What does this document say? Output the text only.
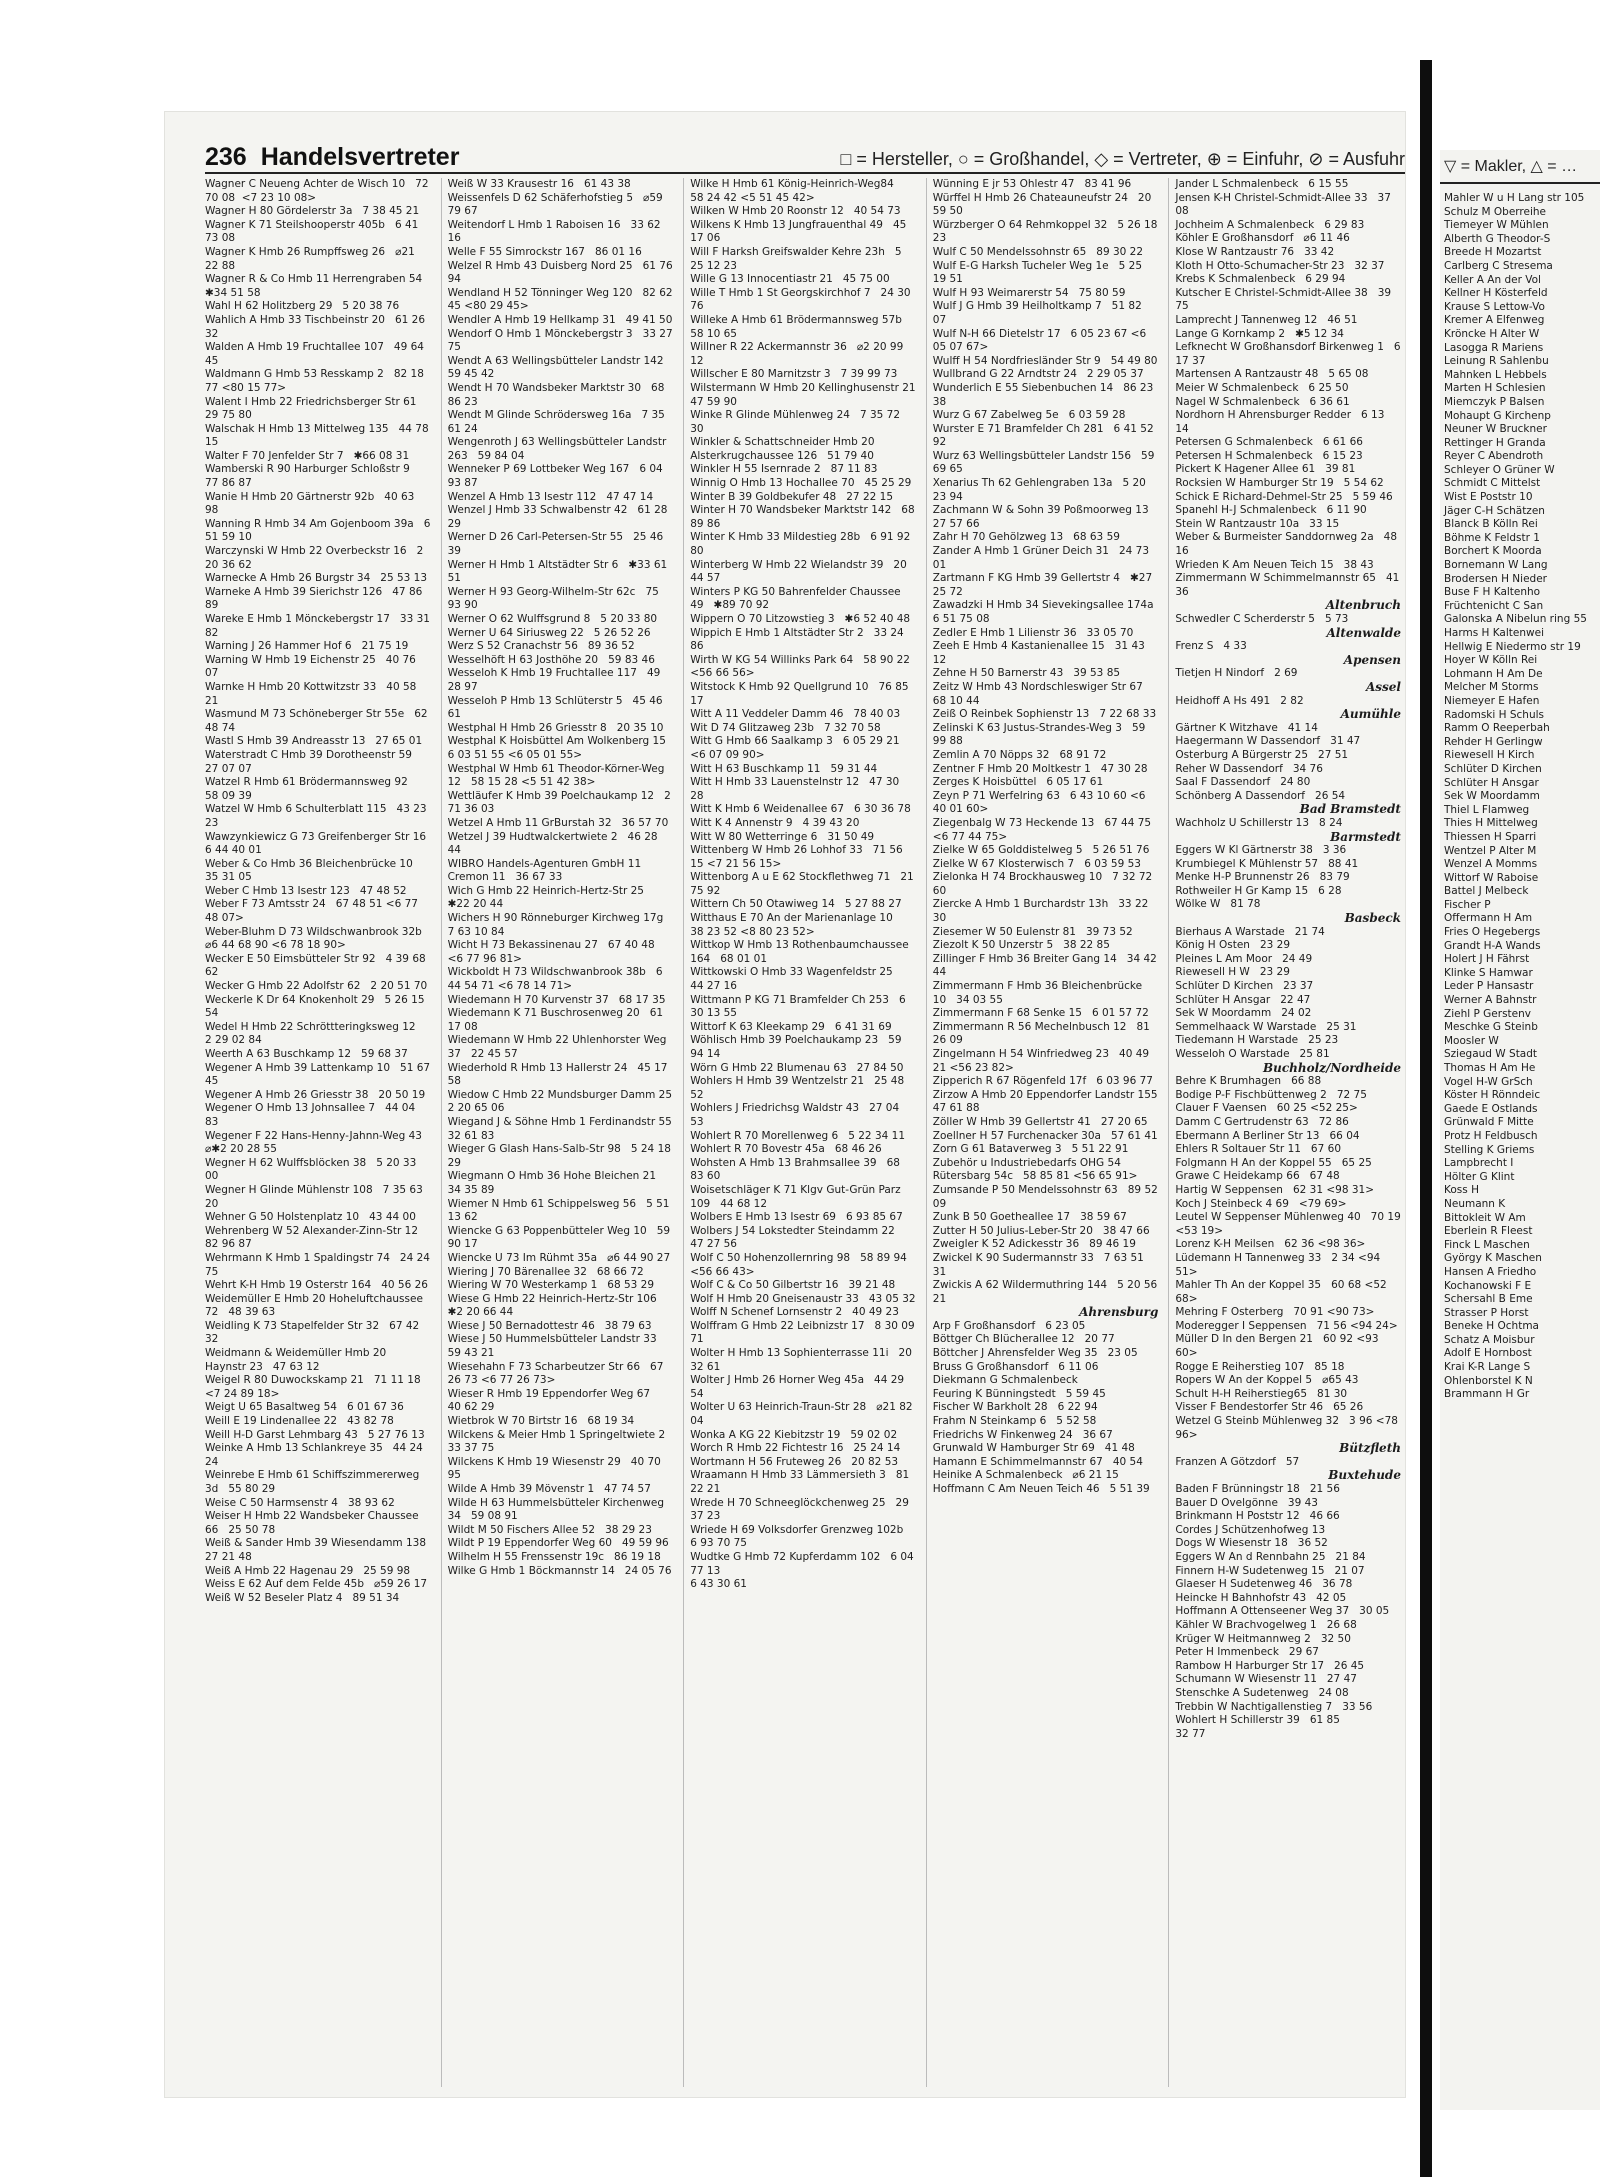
236 Handelsvertreter	□ = Hersteller, ○ = Großhandel, ◇ = Vertreter, ⊕ = Einfuhr, ⊘ = Ausfuhr
Wagner C Neueng Achter de Wisch 10   72 70 08  <7 23 10 08>
Wagner H 80 Gördelerstr 3a   7 38 45 21
Wagner K 71 Steilshooperstr 405b   6 41 73 08
Wagner K Hmb 26 Rumpffsweg 26   ⌀21 22 88
Wagner R & Co Hmb 11 Herrengraben 54   ✱34 51 58
Wahl H 62 Holitzberg 29   5 20 38 76
Wahlich A Hmb 33 Tischbeinstr 20   61 26 32
Walden A Hmb 19 Fruchtallee 107   49 64 45
Waldmann G Hmb 53 Resskamp 2   82 18 77 <80 15 77>
Walent I Hmb 22 Friedrichsberger Str 61   29 75 80
Walschak H Hmb 13 Mittelweg 135   44 78 15
Walter F 70 Jenfelder Str 7   ✱66 08 31
Wamberski R 90 Harburger Schloßstr 9   77 86 87
Wanie H Hmb 20 Gärtnerstr 92b   40 63 98
Wanning R Hmb 34 Am Gojenboom 39a   6 51 59 10
Warczynski W Hmb 22 Overbeckstr 16   2 20 36 62
Warnecke A Hmb 26 Burgstr 34   25 53 13
Warneke A Hmb 39 Sierichstr 126   47 86 89
Wareke E Hmb 1 Mönckebergstr 17   33 31 82
Warning J 26 Hammer Hof 6   21 75 19
Warning W Hmb 19 Eichenstr 25   40 76 07
Warnke H Hmb 20 Kottwitzstr 33   40 58 21
Wasmund M 73 Schöneberger Str 55e   62 48 74
Wastl S Hmb 39 Andreasstr 13   27 65 01
Waterstradt C Hmb 39 Dorotheenstr 59   27 07 07
Watzel R Hmb 61 Brödermannsweg 92   58 09 39
Watzel W Hmb 6 Schulterblatt 115   43 23 23
Wawzynkiewicz G 73 Greifenberger Str 16   6 44 40 01
Weber & Co Hmb 36 Bleichenbrücke 10   35 31 05
Weber C Hmb 13 Isestr 123   47 48 52
Weber F 73 Amtsstr 24   67 48 51 <6 77 48 07>
Weber-Bluhm D 73 Wildschwanbrook 32b   ⌀6 44 68 90 <6 78 18 90>
Wecker E 50 Eimsbütteler Str 92   4 39 68 62
Wecker G Hmb 22 Adolfstr 62   2 20 51 70
Weckerle K Dr 64 Knokenholt 29   5 26 15 54
Wedel H Hmb 22 Schröttteringksweg 12   2 29 02 84
Weerth A 63 Buschkamp 12   59 68 37
Wegener A Hmb 39 Lattenkamp 10   51 67 45
Wegener A Hmb 26 Griesstr 38   20 50 19
Wegener O Hmb 13 Johnsallee 7   44 04 83
Wegener F 22 Hans-Henny-Jahnn-Weg 43   ⌀✱2 20 28 55
Wegner H 62 Wulffsblöcken 38   5 20 33 00
Wegner H Glinde Mühlenstr 108   7 35 63 20
Wehner G 50 Holstenplatz 10   43 44 00
Wehrenberg W 52 Alexander-Zinn-Str 12   82 96 87
Wehrmann K Hmb 1 Spaldingstr 74   24 24 75
Wehrt K-H Hmb 19 Osterstr 164   40 56 26
Weidemüller E Hmb 20 Hoheluftchaussee 72   48 39 63
Weidling K 73 Stapelfelder Str 32   67 42 32
Weidmann & Weidemüller Hmb 20 Haynstr 23   47 63 12
Weigel R 80 Duwockskamp 21   71 11 18 <7 24 89 18>
Weigt U 65 Basaltweg 54   6 01 67 36
Weill E 19 Lindenallee 22   43 82 78
Weill H-D Garst Lehmbarg 43   5 27 76 13
Weinke A Hmb 13 Schlankreye 35   44 24 24
Weinrebe E Hmb 61 Schiffszimmererweg 3d   55 80 29
Weise C 50 Harmsenstr 4   38 93 62
Weiser H Hmb 22 Wandsbeker Chaussee 66   25 50 78
Weiß & Sander Hmb 39 Wiesendamm 138   27 21 48
Weiß A Hmb 22 Hagenau 29   25 59 98
Weiss E 62 Auf dem Felde 45b   ⌀59 26 17
Weiß W 52 Beseler Platz 4   89 51 34
Weiß W 33 Krausestr 16   61 43 38
Weissenfels D 62 Schäferhofstieg 5   ⌀59 79 67
Weitendorf L Hmb 1 Raboisen 16   33 62 16
Welle F 55 Simrockstr 167   86 01 16
Welzel R Hmb 43 Duisberg Nord 25   61 76 94
Wendland H 52 Tönninger Weg 120   82 62 45 <80 29 45>
Wendler A Hmb 19 Hellkamp 31   49 41 50
Wendorf O Hmb 1 Mönckebergstr 3   33 27 75
Wendt A 63 Wellingsbütteler Landstr 142   59 45 42
Wendt H 70 Wandsbeker Marktstr 30   68 86 23
Wendt M Glinde Schrödersweg 16a   7 35 61 24
Wengenroth J 63 Wellingsbütteler Landstr 263   59 84 04
Wenneker P 69 Lottbeker Weg 167   6 04 93 87
Wenzel A Hmb 13 Isestr 112   47 47 14
Wenzel J Hmb 33 Schwalbenstr 42   61 28 29
Werner D 26 Carl-Petersen-Str 55   25 46 39
Werner H Hmb 1 Altstädter Str 6   ✱33 61 51
Werner H 93 Georg-Wilhelm-Str 62c   75 93 90
Werner O 62 Wulffsgrund 8   5 20 33 80
Werner U 64 Siriusweg 22   5 26 52 26
Werz S 52 Cranachstr 56   89 36 52
Wesselhöft H 63 Josthöhe 20   59 83 46
Wesseloh K Hmb 19 Fruchtallee 117   49 28 97
Wesseloh P Hmb 13 Schlüterstr 5   45 46 61
Westphal H Hmb 26 Griesstr 8   20 35 10
Westphal K Hoisbüttel Am Wolkenberg 15   6 03 51 55 <6 05 01 55>
Westphal W Hmb 61 Theodor-Körner-Weg 12   58 15 28 <5 51 42 38>
Wettläufer K Hmb 39 Poelchaukamp 12   2 71 36 03
Wetzel A Hmb 11 GrBurstah 32   36 57 70
Wetzel J 39 Hudtwalckertwiete 2   46 28 44
WIBRO Handels-Agenturen GmbH 11 Cremon 11   36 67 33
Wich G Hmb 22 Heinrich-Hertz-Str 25   ✱22 20 44
Wichers H 90 Rönneburger Kirchweg 17g   7 63 10 84
Wicht H 73 Bekassinenau 27   67 40 48 <6 77 96 81>
Wickboldt H 73 Wildschwanbrook 38b   6 44 54 71 <6 78 14 71>
Wiedemann H 70 Kurvenstr 37   68 17 35
Wiedemann K 71 Buschrosenweg 20   61 17 08
Wiedemann W Hmb 22 Uhlenhorster Weg 37   22 45 57
Wiederhold R Hmb 13 Hallerstr 24   45 17 58
Wiedow C Hmb 22 Mundsburger Damm 25   2 20 65 06
Wiegand J & Söhne Hmb 1 Ferdinandstr 55   32 61 83
Wieger G Glash Hans-Salb-Str 98   5 24 18 29
Wiegmann O Hmb 36 Hohe Bleichen 21   34 35 89
Wiemer N Hmb 61 Schippelsweg 56   5 51 13 62
Wiencke G 63 Poppenbütteler Weg 10   59 90 17
Wiencke U 73 Im Rühmt 35a   ⌀6 44 90 27
Wiering J 70 Bärenallee 32   68 66 72
Wiering W 70 Westerkamp 1   68 53 29
Wiese G Hmb 22 Heinrich-Hertz-Str 106   ✱2 20 66 44
Wiese J 50 Bernadottestr 46   38 79 63
Wiese J 50 Hummelsbütteler Landstr 33   59 43 21
Wiesehahn F 73 Scharbeutzer Str 66   67 26 73 <6 77 26 73>
Wieser R Hmb 19 Eppendorfer Weg 67   40 62 29
Wietbrok W 70 Birtstr 16   68 19 34
Wilckens & Meier Hmb 1 Springeltwiete 2   33 37 75
Wilckens K Hmb 19 Wiesenstr 29   40 70 95
Wilde A Hmb 39 Mövenstr 1   47 74 57
Wilde H 63 Hummelsbütteler Kirchenweg 34   59 08 91
Wildt M 50 Fischers Allee 52   38 29 23
Wildt P 19 Eppendorfer Weg 60   49 59 96
Wilhelm H 55 Frenssenstr 19c   86 19 18
Wilke G Hmb 1 Böckmannstr 14   24 05 76
Wilke H Hmb 61 König-Heinrich-Weg84   58 24 42 <5 51 45 42>
Wilken W Hmb 20 Roonstr 12   40 54 73
Wilkens K Hmb 13 Jungfrauenthal 49   45 17 06
Will F Harksh Greifswalder Kehre 23h   5 25 12 23
Wille G 13 Innocentiastr 21   45 75 00
Wille T Hmb 1 St Georgskirchhof 7   24 30 76
Willeke A Hmb 61 Brödermannsweg 57b   58 10 65
Willner R 22 Ackermannstr 36   ⌀2 20 99 12
Willscher E 80 Marnitzstr 3   7 39 99 73
Wilstermann W Hmb 20 Kellinghusenstr 21   47 59 90
Winke R Glinde Mühlenweg 24   7 35 72 30
Winkler & Schattschneider Hmb 20 Alsterkrugchaussee 126   51 79 40
Winkler H 55 Isernrade 2   87 11 83
Winnig O Hmb 13 Hochallee 70   45 25 29
Winter B 39 Goldbekufer 48   27 22 15
Winter H 70 Wandsbeker Marktstr 142   68 89 86
Winter K Hmb 33 Mildestieg 28b   6 91 92 80
Winterberg W Hmb 22 Wielandstr 39   20 44 57
Winters P KG 50 Bahrenfelder Chaussee 49   ✱89 70 92
Wippern O 70 Litzowstieg 3   ✱6 52 40 48
Wippich E Hmb 1 Altstädter Str 2   33 24 86
Wirth W KG 54 Willinks Park 64   58 90 22 <56 66 56>
Witstock K Hmb 92 Quellgrund 10   76 85 17
Witt A 11 Veddeler Damm 46   78 40 03
Wit D 74 Glitzaweg 23b   7 32 70 58
Witt G Hmb 66 Saalkamp 3   6 05 29 21 <6 07 09 90>
Witt H 63 Buschkamp 11   59 31 44
Witt H Hmb 33 Lauenstelnstr 12   47 30 28
Witt K Hmb 6 Weidenallee 67   6 30 36 78
Witt K 4 Annenstr 9   4 39 43 20
Witt W 80 Wetterringe 6   31 50 49
Wittenberg W Hmb 26 Lohhof 33   71 56 15 <7 21 56 15>
Wittenborg A u E 62 Stockflethweg 71   21 75 92
Wittern Ch 50 Otawiweg 14   5 27 88 27
Witthaus E 70 An der Marienanlage 10   38 23 52 <8 80 23 52>
Wittkop W Hmb 13 Rothenbaumchaussee 164   68 01 01
Wittkowski O Hmb 33 Wagenfeldstr 25   44 27 16
Wittmann P KG 71 Bramfelder Ch 253   6 30 13 55
Wittorf K 63 Kleekamp 29   6 41 31 69
Wöhlisch Hmb 39 Poelchaukamp 23   59 94 14
Wörn G Hmb 22 Blumenau 63   27 84 50
Wohlers H Hmb 39 Wentzelstr 21   25 48 52
Wohlers J Friedrichsg Waldstr 43   27 04 53
Wohlert R 70 Morellenweg 6   5 22 34 11
Wohlert R 70 Bovestr 45a   68 46 26
Wohsten A Hmb 13 Brahmsallee 39   68 83 60
Woisetschläger K 71 Klgv Gut-Grün Parz 109   44 68 12
Wolbers E Hmb 13 Isestr 69   6 93 85 67
Wolbers J 54 Lokstedter Steindamm 22   47 27 56
Wolf C 50 Hohenzollernring 98   58 89 94 <56 66 43>
Wolf C & Co 50 Gilbertstr 16   39 21 48
Wolf H Hmb 20 Gneisenaustr 33   43 05 32
Wolff N Schenef Lornsenstr 2   40 49 23
Wolffram G Hmb 22 Leibnizstr 17   8 30 09 71
Wolter H Hmb 13 Sophienterrasse 11i   20 32 61
Wolter J Hmb 26 Horner Weg 45a   44 29 54
Wolter U 63 Heinrich-Traun-Str 28   ⌀21 82 04
Wonka A KG 22 Kiebitzstr 19   59 02 02
Worch R Hmb 22 Fichtestr 16   25 24 14
Wortmann H 56 Fruteweg 26   20 82 53
Wraamann H Hmb 33 Lämmersieth 3   81 22 21
Wrede H 70 Schneeglöckchenweg 25   29 37 23
Wriede H 69 Volksdorfer Grenzweg 102b   6 93 70 75
Wudtke G Hmb 72 Kupferdamm 102   6 04 77 13
6 43 30 61
Wünning E jr 53 Ohlestr 47   83 41 96
Würffel H Hmb 26 Chateauneufstr 24   20 59 50
Würzberger O 64 Rehmkoppel 32   5 26 18 23
Wulf C 50 Mendelssohnstr 65   89 30 22
Wulf E-G Harksh Tucheler Weg 1e   5 25 19 51
Wulf H 93 Weimarerstr 54   75 80 59
Wulf J G Hmb 39 Heilholtkamp 7   51 82 07
Wulf N-H 66 Dietelstr 17   6 05 23 67 <6 05 07 67>
Wulff H 54 Nordfriesländer Str 9   54 49 80
Wullbrand G 22 Arndtstr 24   2 29 05 37
Wunderlich E 55 Siebenbuchen 14   86 23 38
Wurz G 67 Zabelweg 5e   6 03 59 28
Wurster E 71 Bramfelder Ch 281   6 41 52 92
Wurz 63 Wellingsbütteler Landstr 156   59 69 65
Xenarius Th 62 Gehlengraben 13a   5 20 23 94
Zachmann W & Sohn 39 Poßmoorweg 13   27 57 66
Zahr H 70 Gehölzweg 13   68 63 59
Zander A Hmb 1 Grüner Deich 31   24 73 01
Zartmann F KG Hmb 39 Gellertstr 4   ✱27 25 72
Zawadzki H Hmb 34 Sievekingsallee 174a   6 51 75 08
Zedler E Hmb 1 Lilienstr 36   33 05 70
Zeeh E Hmb 4 Kastanienallee 15   31 43 12
Zehne H 50 Barnerstr 43   39 53 85
Zeitz W Hmb 43 Nordschleswiger Str 67   68 10 44
Zeiß O Reinbek Sophienstr 13   7 22 68 33
Zelinski K 63 Justus-Strandes-Weg 3   59 99 88
Zemlin A 70 Nöpps 32   68 91 72
Zentner F Hmb 20 Moltkestr 1   47 30 28
Zerges K Hoisbüttel   6 05 17 61
Zeyn P 71 Werfelring 63   6 43 10 60 <6 40 01 60>
Ziegenbalg W 73 Heckende 13   67 44 75 <6 77 44 75>
Zielke W 65 Golddistelweg 5   5 26 51 76
Zielke W 67 Klosterwisch 7   6 03 59 53
Zielonka H 74 Brockhausweg 10   7 32 72 60
Ziercke A Hmb 1 Burchardstr 13h   33 22 30
Ziesemer W 50 Eulenstr 81   39 73 52
Ziezolt K 50 Unzerstr 5   38 22 85
Zillinger F Hmb 36 Breiter Gang 14   34 42 44
Zimmermann F Hmb 36 Bleichenbrücke 10   34 03 55
Zimmermann F 68 Senke 15   6 01 57 72
Zimmermann R 56 Mechelnbusch 12   81 26 09
Zingelmann H 54 Winfriedweg 23   40 49 21 <56 23 82>
Zipperich R 67 Rögenfeld 17f   6 03 96 77
Zirzow A Hmb 20 Eppendorfer Landstr 155   47 61 88
Zöller W Hmb 39 Gellertstr 41   27 20 65
Zoellner H 57 Furchenacker 30a   57 61 41
Zorn G 61 Bataverweg 3   5 51 22 91
Zubehör u Industriebedarfs OHG 54 Rütersbarg 54c   58 85 81 <56 65 91>
Zumsande P 50 Mendelssohnstr 63   89 52 09
Zunk B 50 Goetheallee 17   38 59 67
Zutter H 50 Julius-Leber-Str 20   38 47 66
Zweigler K 52 Adickesstr 36   89 46 19
Zwickel K 90 Sudermannstr 33   7 63 51 31
Zwickis A 62 Wildermuthring 144   5 20 56 21
Ahrensburg
Arp F Großhansdorf   6 23 05
Böttger Ch Blücherallee 12   20 77
Böttcher J Ahrensfelder Weg 35   23 05
Bruss G Großhansdorf   6 11 06
Diekmann G Schmalenbeck
Feuring K Bünningstedt   5 59 45
Fischer W Barkholt 28   6 22 94
Frahm N Steinkamp 6   5 52 58
Friedrichs W Finkenweg 24   36 67
Grunwald W Hamburger Str 69   41 48
Hamann E Schimmelmannstr 67   40 54
Heinike A Schmalenbeck   ⌀6 21 15
Hoffmann C Am Neuen Teich 46   5 51 39
Jander L Schmalenbeck   6 15 55
Jensen K-H Christel-Schmidt-Allee 33   37 08
Jochheim A Schmalenbeck   6 29 83
Köhler E Großhansdorf   ⌀6 11 46
Klose W Rantzaustr 76   33 42
Kloth H Otto-Schumacher-Str 23   32 37
Krebs K Schmalenbeck   6 29 94
Kutscher E Christel-Schmidt-Allee 38   39 75
Lamprecht J Tannenweg 12   46 51
Lange G Kornkamp 2   ✱5 12 34
Lefknecht W Großhansdorf Birkenweg 1   6 17 37
Martensen A Rantzaustr 48   5 65 08
Meier W Schmalenbeck   6 25 50
Nagel W Schmalenbeck   6 36 61
Nordhorn H Ahrensburger Redder   6 13 14
Petersen G Schmalenbeck   6 61 66
Petersen H Schmalenbeck   6 15 23
Pickert K Hagener Allee 61   39 81
Rocksien W Hamburger Str 19   5 54 62
Schick E Richard-Dehmel-Str 25   5 59 46
Spanehl H-J Schmalenbeck   6 11 90
Stein W Rantzaustr 10a   33 15
Weber & Burmeister Sanddornweg 2a   48 16
Wrieden K Am Neuen Teich 15   38 43
Zimmermann W Schimmelmannstr 65   41 36
Altenbruch
Schwedler C Scherderstr 5   5 73
Altenwalde
Frenz S   4 33
Apensen
Tietjen H Nindorf   2 69
Assel
Heidhoff A Hs 491   2 82
Aumühle
Gärtner K Witzhave   41 14
Haegermann W Dassendorf   31 47
Osterburg A Bürgerstr 25   27 51
Reher W Dassendorf   34 76
Saal F Dassendorf   24 80
Schönberg A Dassendorf   26 54
Bad Bramstedt
Wachholz U Schillerstr 13   8 24
Barmstedt
Eggers W Kl Gärtnerstr 38   3 36
Krumbiegel K Mühlenstr 57   88 41
Menke H-P Brunnenstr 26   83 79
Rothweiler H Gr Kamp 15   6 28
Wölke W   81 78
Basbeck
Bierhaus A Warstade   21 74
König H Osten   23 29
Pleines L Am Moor   24 49
Riewesell H W   23 29
Schlüter D Kirchen   23 37
Schlüter H Ansgar   22 47
Sek W Moordamm   24 02
Semmelhaack W Warstade   25 31
Tiedemann H Warstade   25 23
Wesseloh O Warstade   25 81
Buchholz/Nordheide
Behre K Brumhagen   66 88
Bodige P-F Fischbüttenweg 2   72 75
Clauer F Vaensen   60 25 <52 25>
Damm C Gertrudenstr 63   72 86
Ebermann A Berliner Str 13   66 04
Ehlers R Soltauer Str 11   67 60
Folgmann H An der Koppel 55   65 25
Grawe C Heidekamp 66   67 48
Hartig W Seppensen   62 31 <98 31>
Koch J Steinbeck 4 69   <79 69>
Leutel W Seppenser Mühlenweg 40   70 19 <53 19>
Lorenz K-H Meilsen   62 36 <98 36>
Lüdemann H Tannenweg 33   2 34 <94 51>
Mahler Th An der Koppel 35   60 68 <52 68>
Mehring F Osterberg   70 91 <90 73>
Moderegger I Seppensen   71 56 <94 24>
Müller D In den Bergen 21   60 92 <93 60>
Rogge E Reiherstieg 107   85 18
Ropers W An der Koppel 5   ⌀65 43
Schult H-H Reiherstieg65   81 30
Visser F Bendestorfer Str 46   65 26
Wetzel G Steinb Mühlenweg 32   3 96 <78 96>
Bützfleth
Franzen A Götzdorf   57
Buxtehude
Baden F Brünningstr 18   21 56
Bauer D Ovelgönne   39 43
Brinkmann H Poststr 12   46 66
Cordes J Schützenhofweg 13
Dogs W Wiesenstr 18   36 52
Eggers W An d Rennbahn 25   21 84
Finnern H-W Sudetenweg 15   21 07
Glaeser H Sudetenweg 46   36 78
Heincke H Bahnhofstr 43   42 05
Hoffmann A Ottenseener Weg 37   30 05
Kähler W Brachvogelweg 1   26 68
Krüger W Heitmannweg 2   32 50
Peter H Immenbeck   29 67
Rambow H Harburger Str 17   26 45
Schumann W Wiesenstr 11   27 47
Stenschke A Sudetenweg   24 08
Trebbin W Nachtigallenstieg 7   33 56
Wohlert H Schillerstr 39   61 85
32 77
▽ = Makler, △ = …
Mahler W u H Lang str 105
Schulz M Oberreihe
Tiemeyer W Mühlen
Alberth G Theodor-S
Breede H Mozartst
Carlberg C Stresema
Keller A An der Vol
Kellner H Kösterfeld
Krause S Lettow-Vo
Kremer A Elfenweg
Kröncke H Alter W
Lasogga R Mariens
Leinung R Sahlenbu
Mahnken L Hebbels
Marten H Schlesien
Miemczyk P Balsen
Mohaupt G Kirchenp
Neuner W Bruckner
Rettinger H Granda
Reyer C Abendroth
Schleyer O Grüner W
Schmidt C Mittelst
Wist E Poststr 10
Jäger C-H Schätzen
Blanck B Kölln Rei
Böhme K Feldstr 1
Borchert K Moorda
Bornemann W Lang
Brodersen H Nieder
Buse F H Kaltenho
Früchtenicht C San
Galonska A Nibelun ring 55
Harms H Kaltenwei
Hellwig E Niedermo str 19
Hoyer W Kölln Rei
Lohmann H Am De
Melcher M Storms
Niemeyer E Hafen
Radomski H Schuls
Ramm O Reeperbah
Rehder H Gerlingw
Riewesell H Kirch
Schlüter D Kirchen
Schlüter H Ansgar
Sek W Moordamm
Thiel L Flamweg
Thies H Mittelweg
Thiessen H Sparri
Wentzel P Alter M
Wenzel A Momms
Wittorf W Raboise
Battel J Melbeck
Fischer P
Offermann H Am
Fries O Hegebergs
Grandt H-A Wands
Holert J H Fährst
Klinke S Hamwar
Leder P Hansastr
Werner A Bahnstr
Ziehl P Gerstenv
Meschke G Steinb
Moosler W
Sziegaud W Stadt
Thomas H Am He
Vogel H-W GrSch
Köster H Rönndeic
Gaede E Ostlands
Grünwald F Mitte
Protz H Feldbusch
Stelling K Griems
Lampbrecht I
Hölter G Klint
Koss H
Neumann K
Bittokleit W Am
Eberlein R Fleest
Finck L Maschen
György K Maschen
Hansen A Friedho
Kochanowski F E
Schersahl B Eme
Strasser P Horst
Beneke H Ochtma
Schatz A Moisbur
Adolf E Hornbost
Krai K-R Lange S
Ohlenborstel K N
Brammann H Gr
